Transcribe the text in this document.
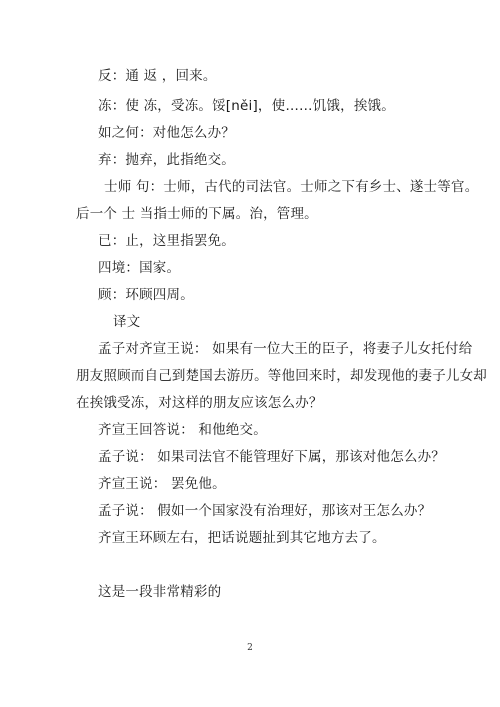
反：通 返 ，回来。
冻：使 冻，受冻。馁[něi]，使……饥饿，挨饿。
如之何：对他怎么办？
弃：抛弃，此指绝交。
士师 句：士师，古代的司法官。士师之下有乡士、遂士等官。
后一个 士 当指士师的下属。治，管理。
已：止，这里指罢免。
四境：国家。
顾：环顾四周。
译文
孟子对齐宣王说： 如果有一位大王的臣子，将妻子儿女托付给
朋友照顾而自己到楚国去游历。等他回来时，却发现他的妻子儿女却
在挨饿受冻，对这样的朋友应该怎么办？
齐宣王回答说： 和他绝交。
孟子说： 如果司法官不能管理好下属，那该对他怎么办？
齐宣王说： 罢免他。
孟子说： 假如一个国家没有治理好，那该对王怎么办？
齐宣王环顾左右，把话说题扯到其它地方去了。
这是一段非常精彩的
2
